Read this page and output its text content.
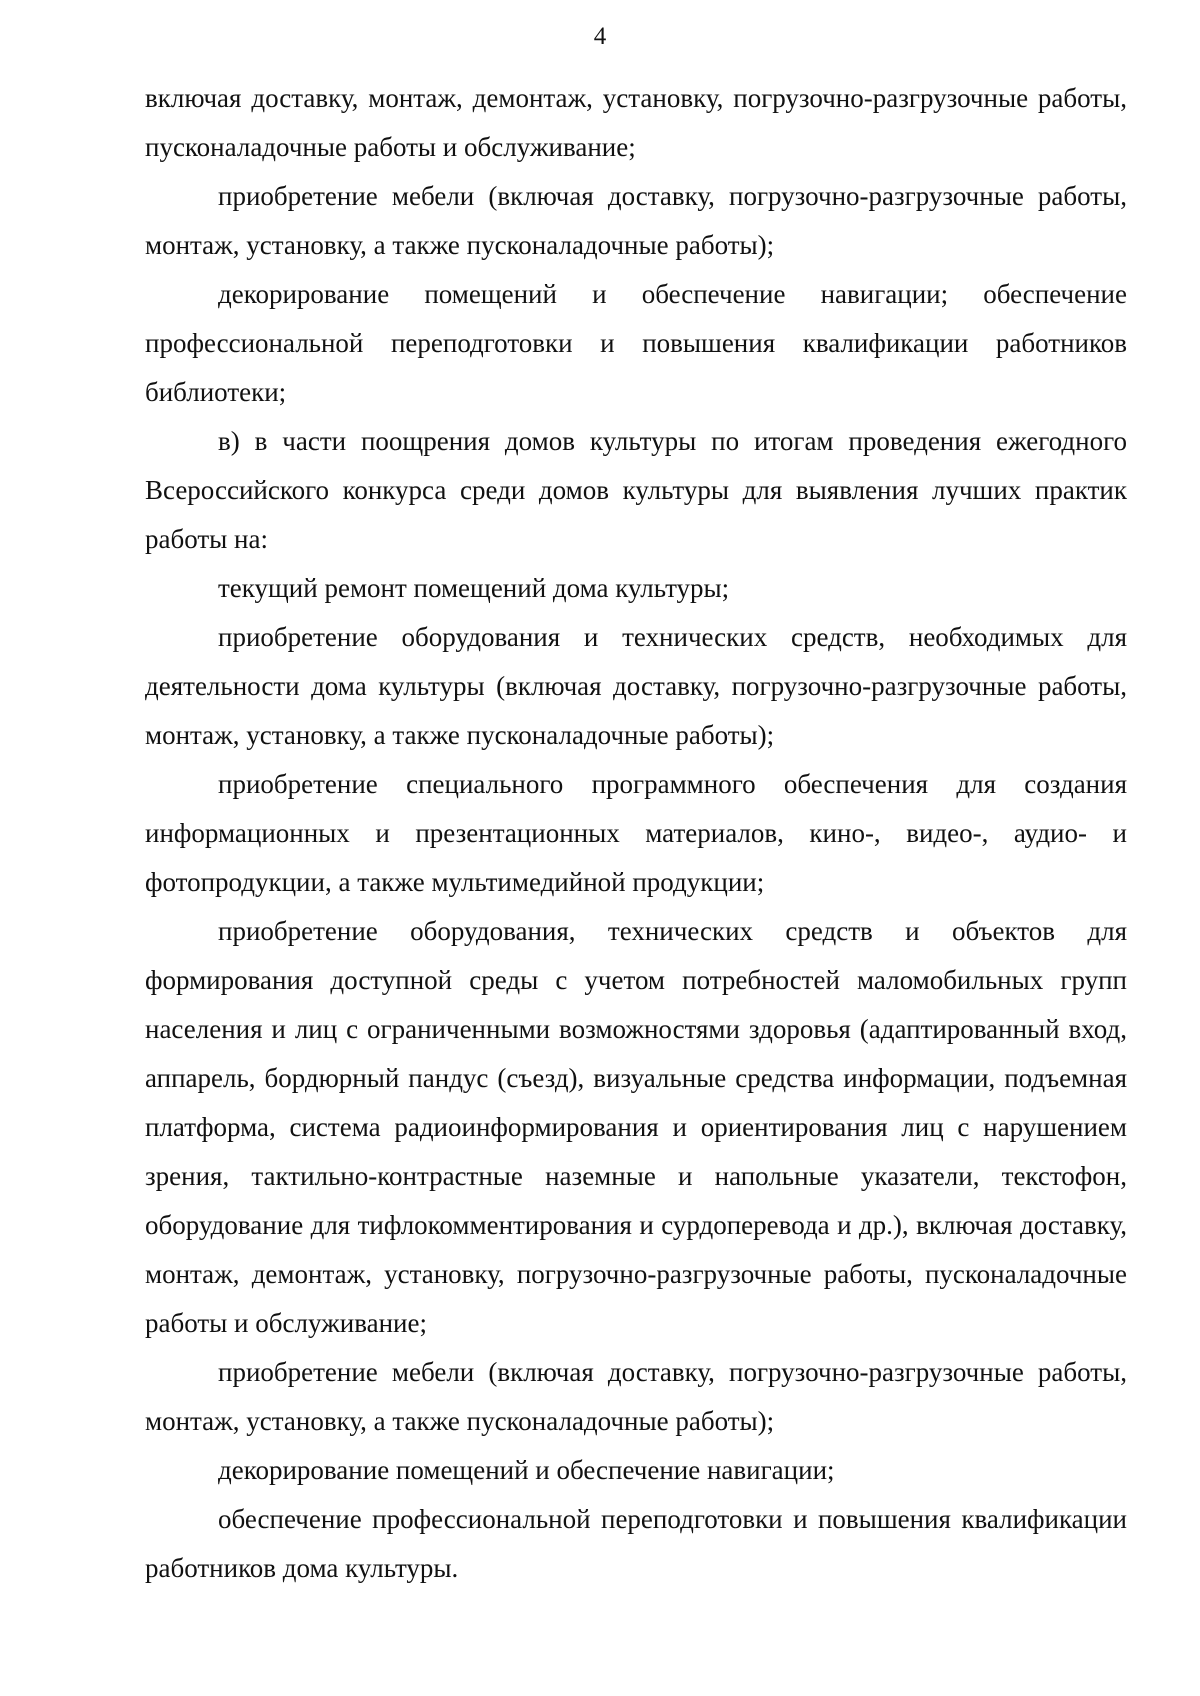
4

включая доставку, монтаж, демонтаж, установку, погрузочно-разгрузочные работы, пусконаладочные работы и обслуживание;

приобретение мебели (включая доставку, погрузочно-разгрузочные работы, монтаж, установку, а также пусконаладочные работы);

декорирование помещений и обеспечение навигации; обеспечение профессиональной переподготовки и повышения квалификации работников библиотеки;

в) в части поощрения домов культуры по итогам проведения ежегодного Всероссийского конкурса среди домов культуры для выявления лучших практик работы на:

текущий ремонт помещений дома культуры;

приобретение оборудования и технических средств, необходимых для деятельности дома культуры (включая доставку, погрузочно-разгрузочные работы, монтаж, установку, а также пусконаладочные работы);

приобретение специального программного обеспечения для создания информационных и презентационных материалов, кино-, видео-, аудио- и фотопродукции, а также мультимедийной продукции;

приобретение оборудования, технических средств и объектов для формирования доступной среды с учетом потребностей маломобильных групп населения и лиц с ограниченными возможностями здоровья (адаптированный вход, аппарель, бордюрный пандус (съезд), визуальные средства информации, подъемная платформа, система радиоинформирования и ориентирования лиц с нарушением зрения, тактильно-контрастные наземные и напольные указатели, текстофон, оборудование для тифлокомментирования и сурдоперевода и др.), включая доставку, монтаж, демонтаж, установку, погрузочно-разгрузочные работы, пусконаладочные работы и обслуживание;

приобретение мебели (включая доставку, погрузочно-разгрузочные работы, монтаж, установку, а также пусконаладочные работы);

декорирование помещений и обеспечение навигации;

обеспечение профессиональной переподготовки и повышения квалификации работников дома культуры.
